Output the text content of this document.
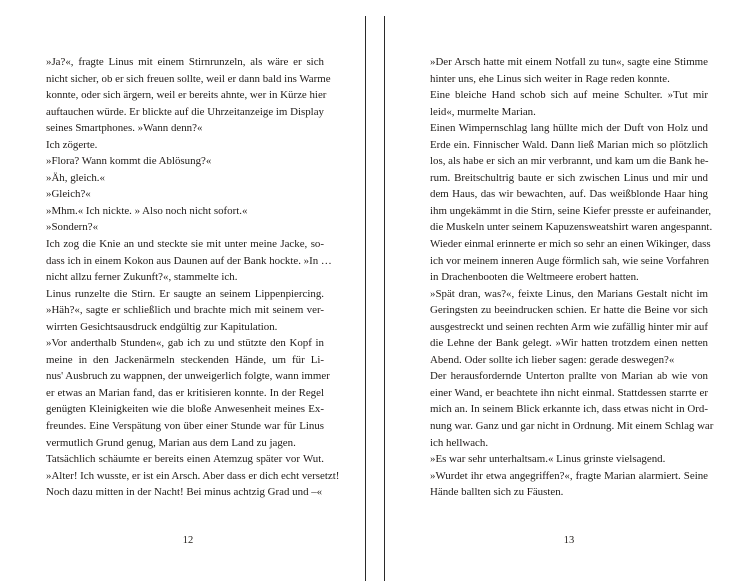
»Ja?«, fragte Linus mit einem Stirnrunzeln, als wäre er sich
nicht sicher, ob er sich freuen sollte, weil er dann bald ins Warme
konnte, oder sich ärgern, weil er bereits ahnte, wer in Kürze hier
auftauchen würde. Er blickte auf die Uhrzeitanzeige im Display
seines Smartphones. »Wann denn?«
Ich zögerte.
»Flora? Wann kommt die Ablösung?«
»Äh, gleich.«
»Gleich?«
»Mhm.« Ich nickte. » Also noch nicht sofort.«
»Sondern?«
Ich zog die Knie an und steckte sie mit unter meine Jacke, so-
dass ich in einem Kokon aus Daunen auf der Bank hockte. »In …
nicht allzu ferner Zukunft?«, stammelte ich.
Linus runzelte die Stirn. Er saugte an seinem Lippenpiercing.
»Häh?«, sagte er schließlich und brachte mich mit seinem ver-
wirrten Gesichtsausdruck endgültig zur Kapitulation.
»Vor anderthalb Stunden«, gab ich zu und stützte den Kopf in
meine in den Jackenärmeln steckenden Hände, um für Li-
nus' Ausbruch zu wappnen, der unweigerlich folgte, wann immer
er etwas an Marian fand, das er kritisieren konnte. In der Regel
genügten Kleinigkeiten wie die bloße Anwesenheit meines Ex-
freundes. Eine Verspätung von über einer Stunde war für Linus
vermutlich Grund genug, Marian aus dem Land zu jagen.
Tatsächlich schäumte er bereits einen Atemzug später vor Wut.
»Alter! Ich wusste, er ist ein Arsch. Aber dass er dich echt versetzt!
Noch dazu mitten in der Nacht! Bei minus achtzig Grad und –«
12
»Der Arsch hatte mit einem Notfall zu tun«, sagte eine Stimme
hinter uns, ehe Linus sich weiter in Rage reden konnte.
Eine bleiche Hand schob sich auf meine Schulter. »Tut mir
leid«, murmelte Marian.
Einen Wimpernschlag lang hüllte mich der Duft von Holz und
Erde ein. Finnischer Wald. Dann ließ Marian mich so plötzlich
los, als habe er sich an mir verbrannt, und kam um die Bank he-
rum. Breitschultrig baute er sich zwischen Linus und mir und
dem Haus, das wir bewachten, auf. Das weißblonde Haar hing
ihm ungekämmt in die Stirn, seine Kiefer presste er aufeinander,
die Muskeln unter seinem Kapuzensweatshirt waren angespannt.
Wieder einmal erinnerte er mich so sehr an einen Wikinger, dass
ich vor meinem inneren Auge förmlich sah, wie seine Vorfahren
in Drachenbooten die Weltmeere erobert hatten.
»Spät dran, was?«, feixte Linus, den Marians Gestalt nicht im
Geringsten zu beeindrucken schien. Er hatte die Beine vor sich
ausgestreckt und seinen rechten Arm wie zufällig hinter mir auf
die Lehne der Bank gelegt. »Wir hatten trotzdem einen netten
Abend. Oder sollte ich lieber sagen: gerade deswegen?«
Der herausfordernde Unterton prallte von Marian ab wie von
einer Wand, er beachtete ihn nicht einmal. Stattdessen starrte er
mich an. In seinem Blick erkannte ich, dass etwas nicht in Ord-
nung war. Ganz und gar nicht in Ordnung. Mit einem Schlag war
ich hellwach.
»Es war sehr unterhaltsam.« Linus grinste vielsagend.
»Wurdet ihr etwa angegriffen?«, fragte Marian alarmiert. Seine
Hände ballten sich zu Fäusten.
13
